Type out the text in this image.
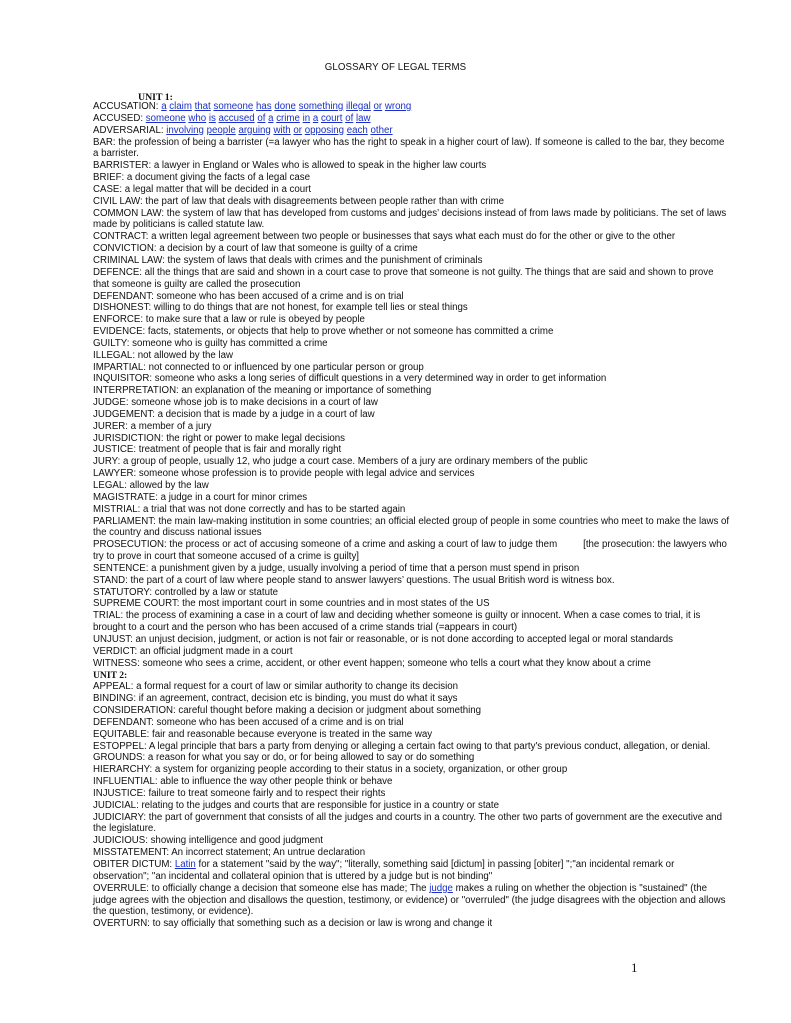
GLOSSARY OF LEGAL TERMS
UNIT 1:
ACCUSATION: a claim that someone has done something illegal or wrong
ACCUSED: someone who is accused of a crime in a court of law
ADVERSARIAL: involving people arguing with or opposing each other
BAR: the profession of being a barrister (=a lawyer who has the right to speak in a higher court of law). If someone is called to the bar, they become a barrister.
BARRISTER: a lawyer in England or Wales who is allowed to speak in the higher law courts
BRIEF: a document giving the facts of a legal case
CASE: a legal matter that will be decided in a court
CIVIL LAW: the part of law that deals with disagreements between people rather than with crime
COMMON LAW: the system of law that has developed from customs and judges’ decisions instead of from laws made by politicians. The set of laws made by politicians is called statute law.
CONTRACT: a written legal agreement between two people or businesses that says what each must do for the other or give to the other
CONVICTION: a decision by a court of law that someone is guilty of a crime
CRIMINAL LAW: the system of laws that deals with crimes and the punishment of criminals
DEFENCE: all the things that are said and shown in a court case to prove that someone is not guilty. The things that are said and shown to prove that someone is guilty are called the prosecution
DEFENDANT: someone who has been accused of a crime and is on trial
DISHONEST: willing to do things that are not honest, for example tell lies or steal things
ENFORCE: to make sure that a law or rule is obeyed by people
EVIDENCE: facts, statements, or objects that help to prove whether or not someone has committed a crime
GUILTY: someone who is guilty has committed a crime
ILLEGAL: not allowed by the law
IMPARTIAL: not connected to or influenced by one particular person or group
INQUISITOR: someone who asks a long series of difficult questions in a very determined way in order to get information
INTERPRETATION: an explanation of the meaning or importance of something
JUDGE: someone whose job is to make decisions in a court of law
JUDGEMENT: a decision that is made by a judge in a court of law
JURER: a member of a jury
JURISDICTION: the right or power to make legal decisions
JUSTICE: treatment of people that is fair and morally right
JURY: a group of people, usually 12, who judge a court case. Members of a jury are ordinary members of the public
LAWYER: someone whose profession is to provide people with legal advice and services
LEGAL: allowed by the law
MAGISTRATE: a judge in a court for minor crimes
MISTRIAL: a trial that was not done correctly and has to be started again
PARLIAMENT: the main law-making institution in some countries; an official elected group of people in some countries who meet to make the laws of the country and discuss national issues
PROSECUTION: the process or act of accusing someone of a crime and asking a court of law to judge them	[the prosecution: the lawyers who try to prove in court that someone accused of a crime is guilty]
SENTENCE: a punishment given by a judge, usually involving a period of time that a person must spend in prison
STAND: the part of a court of law where people stand to answer lawyers’ questions. The usual British word is witness box.
STATUTORY: controlled by a law or statute
SUPREME COURT: the most important court in some countries and in most states of the US
TRIAL: the process of examining a case in a court of law and deciding whether someone is guilty or innocent. When a case comes to trial, it is brought to a court and the person who has been accused of a crime stands trial (=appears in court)
UNJUST: an unjust decision, judgment, or action is not fair or reasonable, or is not done according to accepted legal or moral standards
VERDICT: an official judgment made in a court
WITNESS: someone who sees a crime, accident, or other event happen; someone who tells a court what they know about a crime
UNIT 2:
APPEAL: a formal request for a court of law or similar authority to change its decision
BINDING: if an agreement, contract, decision etc is binding, you must do what it says
CONSIDERATION: careful thought before making a decision or judgment about something
DEFENDANT: someone who has been accused of a crime and is on trial
EQUITABLE: fair and reasonable because everyone is treated in the same way
ESTOPPEL: A legal principle that bars a party from denying or alleging a certain fact owing to that party's previous conduct, allegation, or denial.
GROUNDS: a reason for what you say or do, or for being allowed to say or do something
HIERARCHY: a system for organizing people according to their status in a society, organization, or other group
INFLUENTIAL: able to influence the way other people think or behave
INJUSTICE: failure to treat someone fairly and to respect their rights
JUDICIAL: relating to the judges and courts that are responsible for justice in a country or state
JUDICIARY: the part of government that consists of all the judges and courts in a country. The other two parts of government are the executive and the legislature.
JUDICIOUS: showing intelligence and good judgment
MISSTATEMENT: An incorrect statement; An untrue declaration
OBITER DICTUM: Latin for a statement "said by the way"; "literally, something said [dictum] in passing [obiter] ";"an incidental remark or observation"; "an incidental and collateral opinion that is uttered by a judge but is not binding"
OVERRULE: to officially change a decision that someone else has made; The judge makes a ruling on whether the objection is "sustained" (the judge agrees with the objection and disallows the question, testimony, or evidence) or "overruled" (the judge disagrees with the objection and allows the question, testimony, or evidence).
OVERTURN: to say officially that something such as a decision or law is wrong and change it
1
